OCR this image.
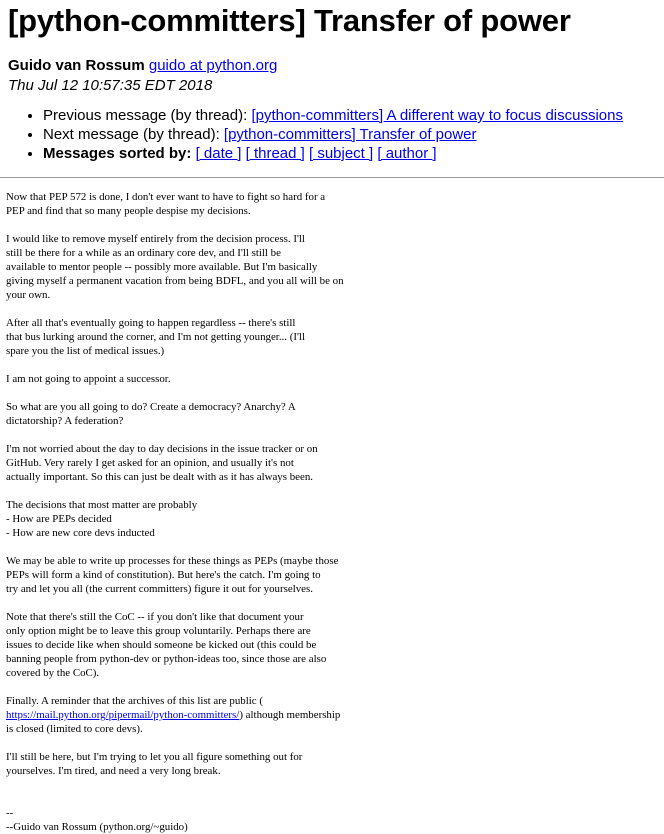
[python-committers] Transfer of power
Guido van Rossum guido at python.org
Thu Jul 12 10:57:35 EDT 2018
• Previous message (by thread): [python-committers] A different way to focus discussions
• Next message (by thread): [python-committers] Transfer of power
• Messages sorted by: [ date ] [ thread ] [ subject ] [ author ]

Now that PEP 572 is done, I don't ever want to have to fight so hard for a

PEP and find that so many people despise my decisions.

I would like to remove myself entirely from the decision process. I'll

still be there for a while as an ordinary core dev, and I'll still be

available to mentor people -- possibly more available. But I'm basically

giving myself a permanent vacation from being BDFL, and you all will be on

your own.

After all that's eventually going to happen regardless -- there's still

that bus lurking around the corner, and I'm not getting younger... (I'll

spare you the list of medical issues.)

I am not going to appoint a successor.

So what are you all going to do? Create a democracy? Anarchy? A

dictatorship? A federation?

I'm not worried about the day to day decisions in the issue tracker or on

GitHub. Very rarely I get asked for an opinion, and usually it's not

actually important. So this can just be dealt with as it has always been.

The decisions that most matter are probably

- How are PEPs decided

- How are new core devs inducted

We may be able to write up processes for these things as PEPs (maybe those

PEPs will form a kind of constitution). But here's the catch. I'm going to

try and let you all (the current committers) figure it out for yourselves.

Note that there's still the CoC -- if you don't like that document your

only option might be to leave this group voluntarily. Perhaps there are

issues to decide like when should someone be kicked out (this could be

banning people from python-dev or python-ideas too, since those are also

covered by the CoC).

Finally. A reminder that the archives of this list are public (

https://mail.python.org/pipermail/python-committers/) although membership

is closed (limited to core devs).

I'll still be here, but I'm trying to let you all figure something out for

yourselves. I'm tired, and need a very long break.

--

--Guido van Rossum (python.org/~guido)
